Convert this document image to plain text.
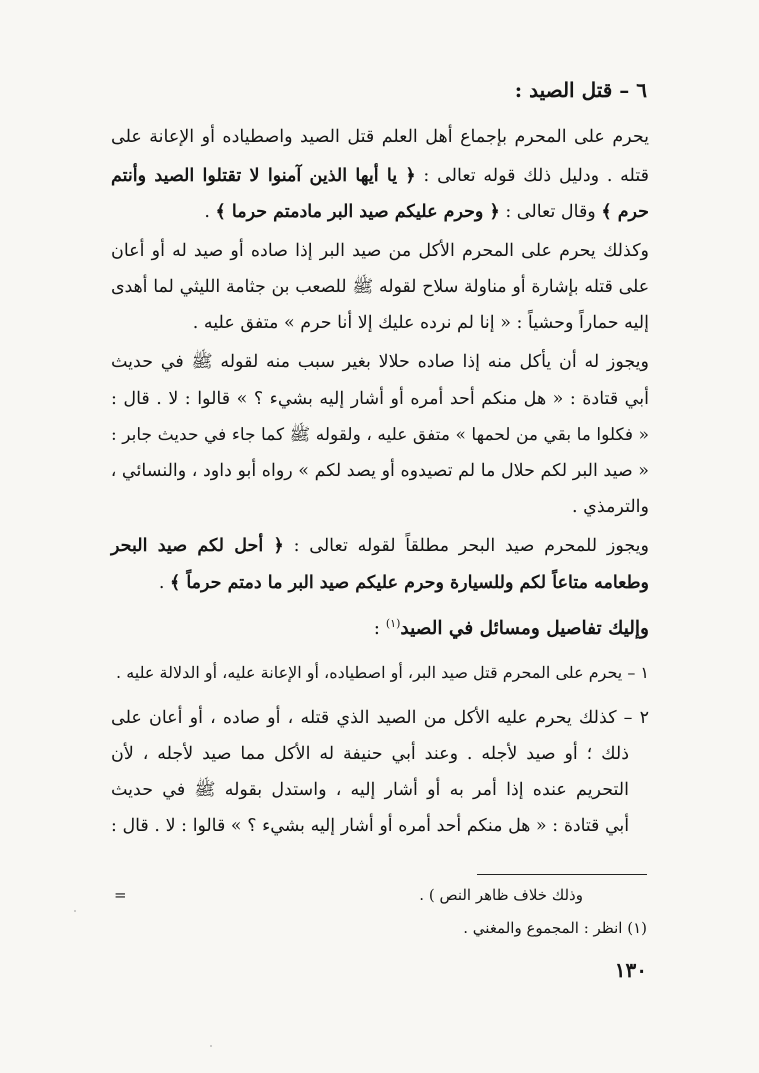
٦ – قتل الصيد :
يحرم على المحرم بإجماع أهل العلم قتل الصيد واصطياده أو الإعانة على
قتله . ودليل ذلك قوله تعالى : ﴿ يا أيها الذين آمنوا لا تقتلوا الصيد وأنتم
حرم ﴾ وقال تعالى : ﴿ وحرم عليكم صيد البر مادمتم حرما ﴾ .
وكذلك يحرم على المحرم الأكل من صيد البر إذا صاده أو صيد له أو أعان
على قتله بإشارة أو مناولة سلاح لقوله ﷺ للصعب بن جثامة الليثي لما أهدى
إليه حماراً وحشياً : « إنا لم نرده عليك إلا أنا حرم » متفق عليه .
ويجوز له أن يأكل منه إذا صاده حلالا بغير سبب منه لقوله ﷺ في حديث
أبي قتادة : « هل منكم أحد أمره أو أشار إليه بشيء ؟ » قالوا : لا . قال :
« فكلوا ما بقي من لحمها » متفق عليه ، ولقوله ﷺ كما جاء في حديث جابر :
« صيد البر لكم حلال ما لم تصيدوه أو يصد لكم » رواه أبو داود ، والنسائي ،
والترمذي .
ويجوز للمحرم صيد البحر مطلقاً لقوله تعالى : ﴿ أحل لكم صيد البحر
وطعامه متاعاً لكم وللسيارة وحرم عليكم صيد البر ما دمتم حرماً ﴾ .
وإليك تفاصيل ومسائل في الصيد$^{(١)}$ :
١ – يحرم على المحرم قتل صيد البر، أو اصطياده، أو الإعانة عليه، أو الدلالة عليه .
٢ – كذلك يحرم عليه الأكل من الصيد الذي قتله ، أو صاده ، أو أعان على
ذلك ؛ أو صيد لأجله . وعند أبي حنيفة له الأكل مما صيد لأجله ، لأن
التحريم عنده إذا أمر به أو أشار إليه ، واستدل بقوله ﷺ في حديث
أبي قتادة : « هل منكم أحد أمره أو أشار إليه بشيء ؟ » قالوا : لا . قال :
=	وذلك خلاف ظاهر النص ) .
(١) انظر : المجموع والمغني .
١٣٠
